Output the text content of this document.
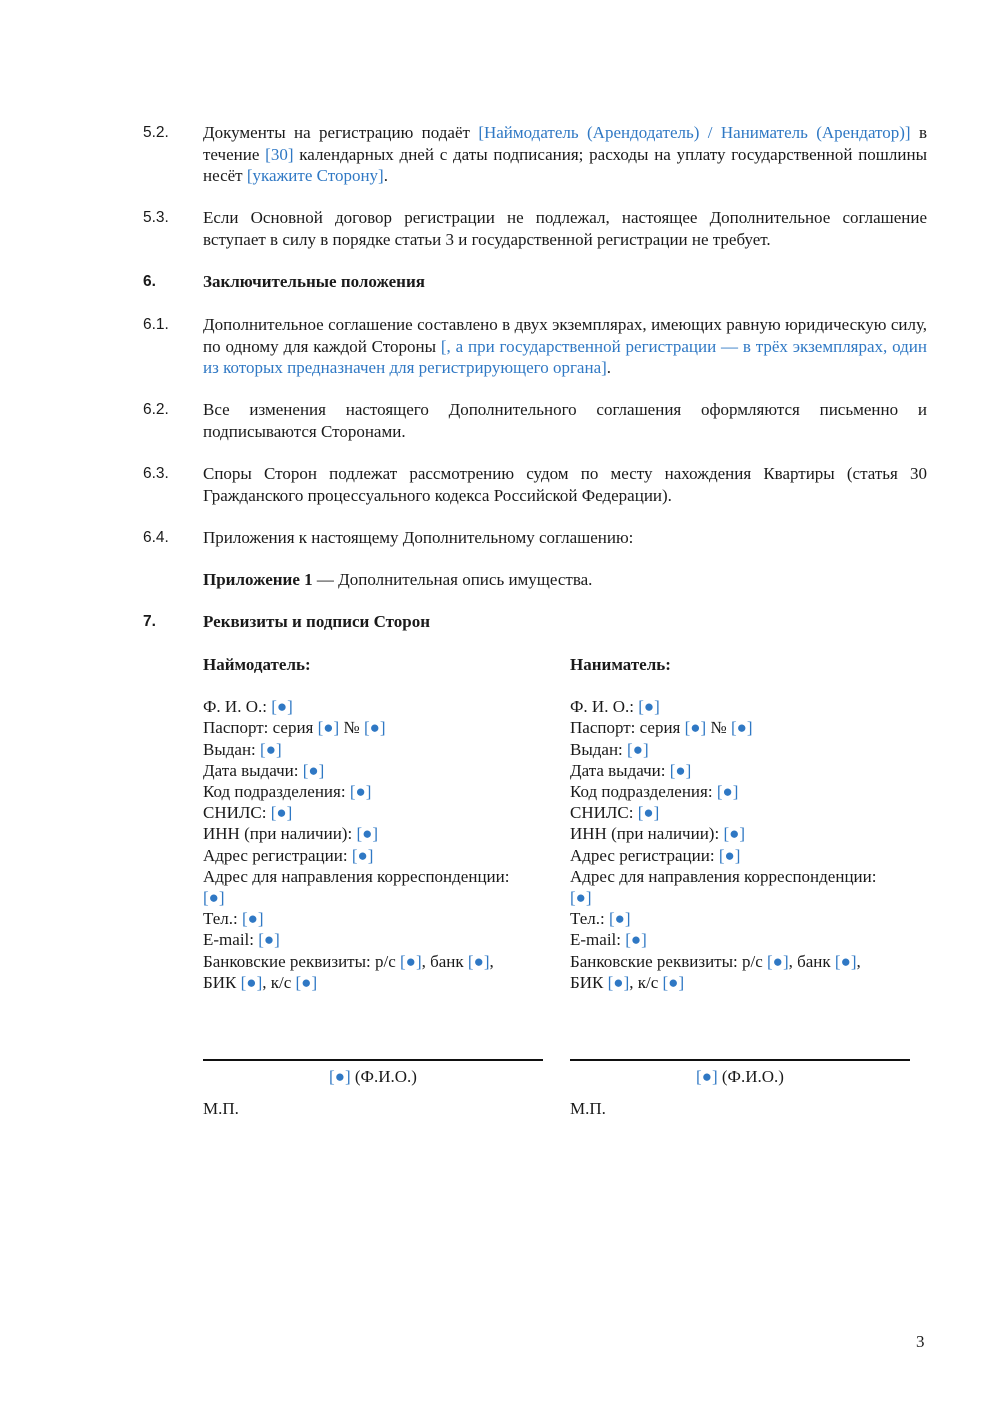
5.2.	Документы на регистрацию подаёт [Наймодатель (Арендодатель) / Наниматель (Арендатор)] в течение [30] календарных дней с даты подписания; расходы на уплату государственной пошлины несёт [укажите Сторону].
5.3.	Если Основной договор регистрации не подлежал, настоящее Дополнительное соглашение вступает в силу в порядке статьи 3 и государственной регистрации не требует.
6.	Заключительные положения
6.1.	Дополнительное соглашение составлено в двух экземплярах, имеющих равную юридическую силу, по одному для каждой Стороны [, а при государственной регистрации — в трёх экземплярах, один из которых предназначен для регистрирующего органа].
6.2.	Все изменения настоящего Дополнительного соглашения оформляются письменно и подписываются Сторонами.
6.3.	Споры Сторон подлежат рассмотрению судом по месту нахождения Квартиры (статья 30 Гражданского процессуального кодекса Российской Федерации).
6.4.	Приложения к настоящему Дополнительному соглашению:
Приложение 1 — Дополнительная опись имущества.
7.	Реквизиты и подписи Сторон
Наймодатель:
Ф. И. О.: [●]
Паспорт: серия [●] № [●]
Выдан: [●]
Дата выдачи: [●]
Код подразделения: [●]
СНИЛС: [●]
ИНН (при наличии): [●]
Адрес регистрации: [●]
Адрес для направления корреспонденции:
[●]
Тел.: [●]
E-mail: [●]
Банковские реквизиты: р/с [●], банк [●],
БИК [●], к/с [●]
Наниматель:
Ф. И. О.: [●]
Паспорт: серия [●] № [●]
Выдан: [●]
Дата выдачи: [●]
Код подразделения: [●]
СНИЛС: [●]
ИНН (при наличии): [●]
Адрес регистрации: [●]
Адрес для направления корреспонденции:
[●]
Тел.: [●]
E-mail: [●]
Банковские реквизиты: р/с [●], банк [●],
БИК [●], к/с [●]
[●] (Ф.И.О.)	[●] (Ф.И.О.)
М.П.	М.П.
3
